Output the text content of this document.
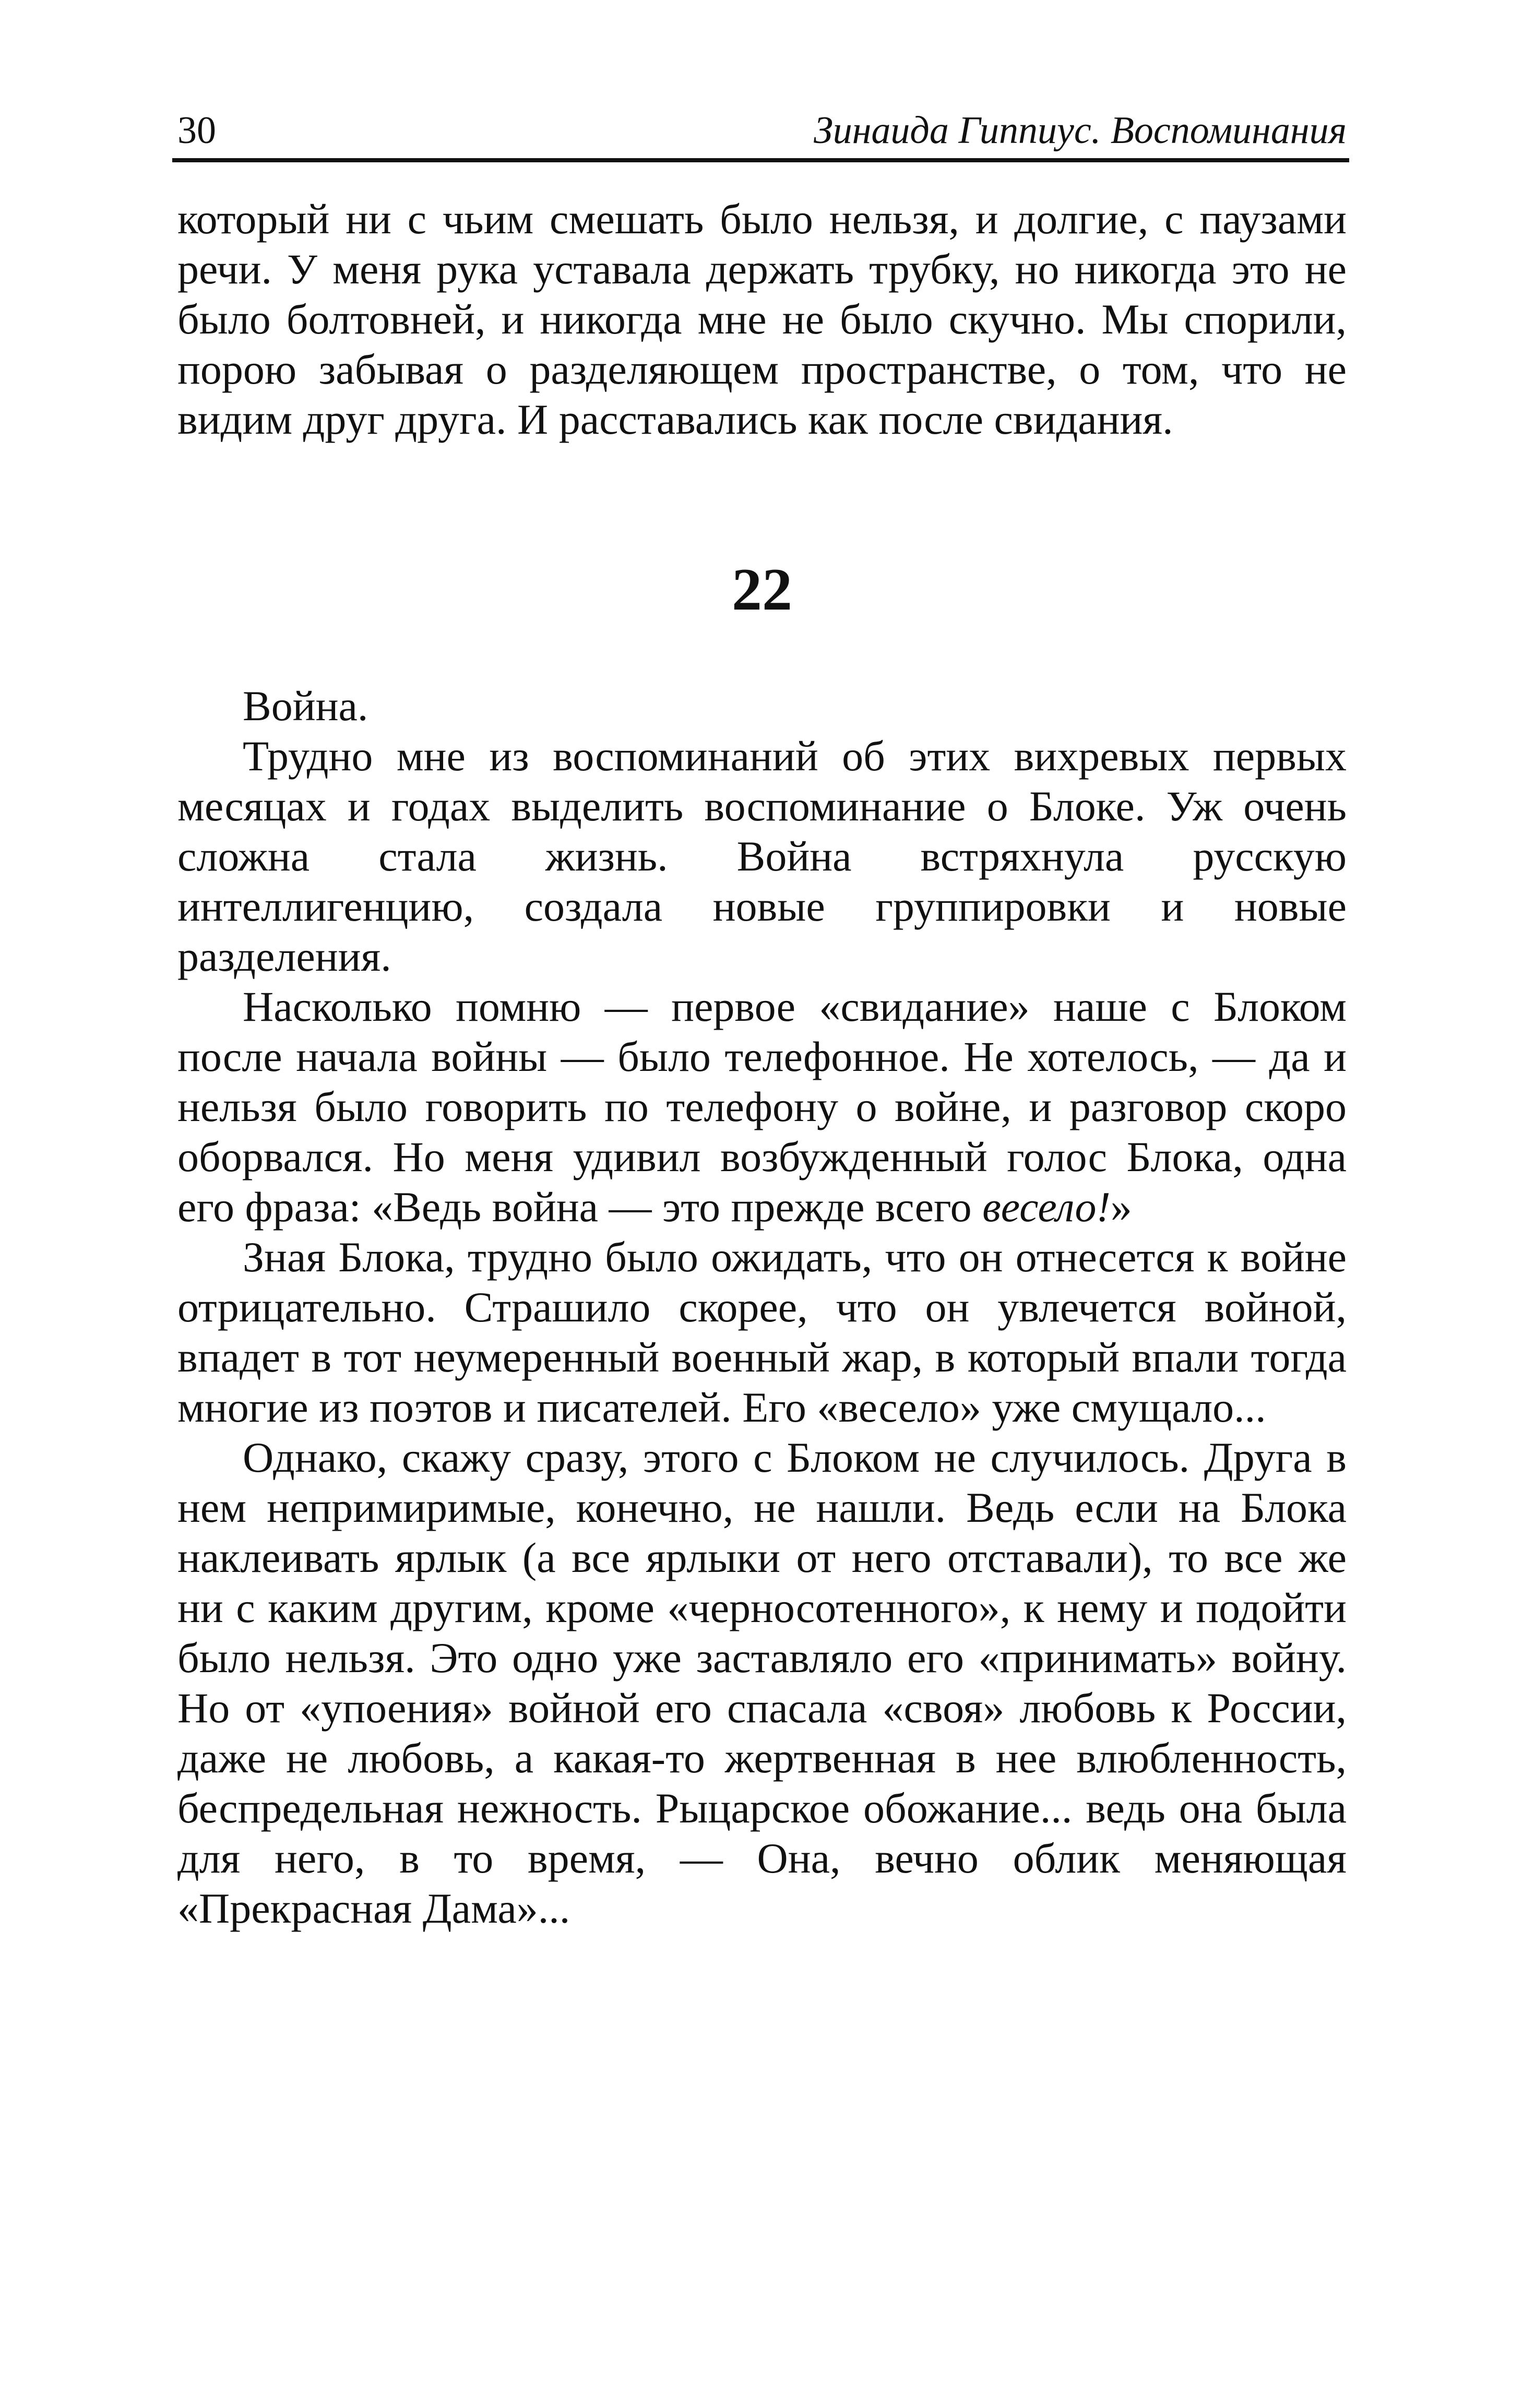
30	Зинаида Гиппиус. Воспоминания

который ни с чьим смешать было нельзя, и долгие, с паузами речи. У меня рука уставала держать трубку, но никогда это не было болтовней, и никогда мне не было скучно. Мы спорили, порою забывая о разделяющем пространстве, о том, что не видим друг друга. И расставались как после свидания.

22

Война.

Трудно мне из воспоминаний об этих вихревых первых месяцах и годах выделить воспоминание о Блоке. Уж очень сложна стала жизнь. Война встряхнула русскую интеллигенцию, создала новые группировки и новые разделения.

Насколько помню — первое «свидание» наше с Блоком после начала войны — было телефонное. Не хотелось, — да и нельзя было говорить по телефону о войне, и разговор скоро оборвался. Но меня удивил возбужденный голос Блока, одна его фраза: «Ведь война — это прежде всего весело!»

Зная Блока, трудно было ожидать, что он отнесется к войне отрицательно. Страшило скорее, что он увлечется войной, впадет в тот неумеренный военный жар, в который впали тогда многие из поэтов и писателей. Его «весело» уже смущало...

Однако, скажу сразу, этого с Блоком не случилось. Друга в нем непримиримые, конечно, не нашли. Ведь если на Блока наклеивать ярлык (а все ярлыки от него отставали), то все же ни с каким другим, кроме «черносотенного», к нему и подойти было нельзя. Это одно уже заставляло его «принимать» войну. Но от «упоения» войной его спасала «своя» любовь к России, даже не любовь, а какая-то жертвенная в нее влюбленность, беспредельная нежность. Рыцарское обожание... ведь она была для него, в то время, — Она, вечно облик меняющая «Прекрасная Дама»...
